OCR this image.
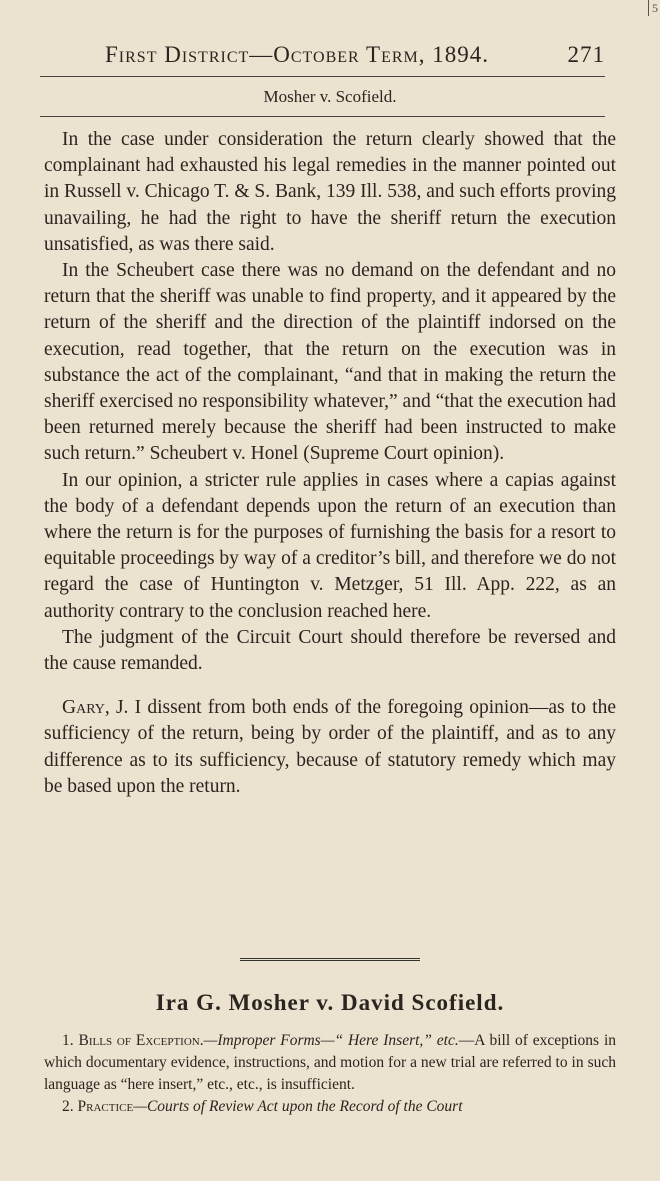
5
First District—October Term, 1894.	271
Mosher v. Scofield.

In the case under consideration the return clearly showed that the complainant had exhausted his legal remedies in the manner pointed out in Russell v. Chicago T. & S. Bank, 139 Ill. 538, and such efforts proving unavailing, he had the right to have the sheriff return the execution unsatisfied, as was there said.

In the Scheubert case there was no demand on the defendant and no return that the sheriff was unable to find property, and it appeared by the return of the sheriff and the direction of the plaintiff indorsed on the execution, read together, that the return on the execution was in substance the act of the complainant, “and that in making the return the sheriff exercised no responsibility whatever,” and “that the execution had been returned merely because the sheriff had been instructed to make such return.” Scheubert v. Honel (Supreme Court opinion).

In our opinion, a stricter rule applies in cases where a capias against the body of a defendant depends upon the return of an execution than where the return is for the purposes of furnishing the basis for a resort to equitable proceedings by way of a creditor’s bill, and therefore we do not regard the case of Huntington v. Metzger, 51 Ill. App. 222, as an authority contrary to the conclusion reached here.

The judgment of the Circuit Court should therefore be reversed and the cause remanded.

Gary, J. I dissent from both ends of the foregoing opinion—as to the sufficiency of the return, being by order of the plaintiff, and as to any difference as to its sufficiency, because of statutory remedy which may be based upon the return.

Ira G. Mosher v. David Scofield.

1. Bills of Exception.—Improper Forms—“ Here Insert,” etc.—A bill of exceptions in which documentary evidence, instructions, and motion for a new trial are referred to in such language as “here insert,” etc., etc., is insufficient.

2. Practice—Courts of Review Act upon the Record of the Court
